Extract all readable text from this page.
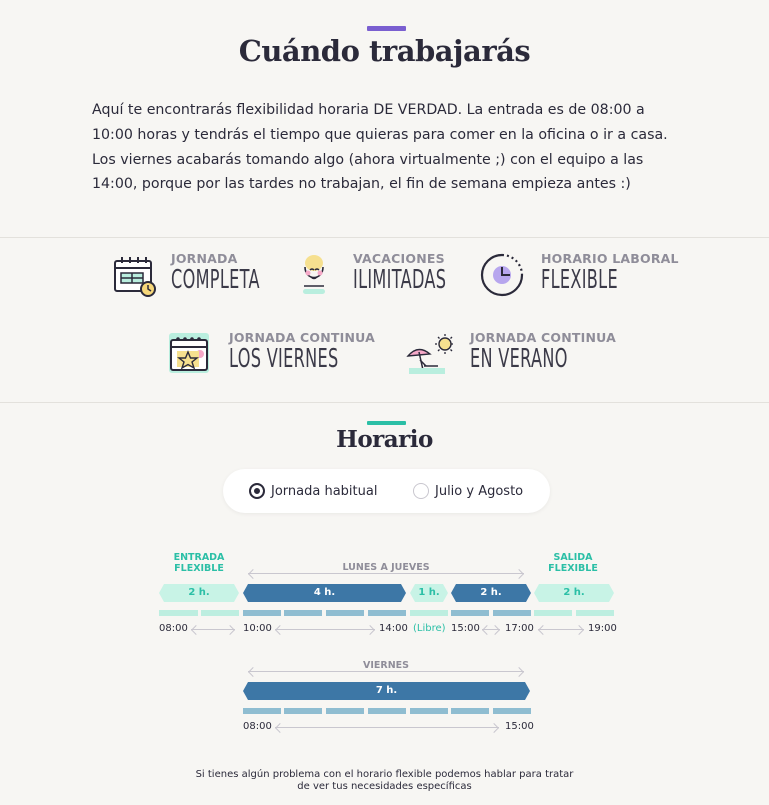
Cuándo trabajarás

Aquí te encontrarás flexibilidad horaria DE VERDAD. La entrada es de 08:00 a 10:00 horas y tendrás el tiempo que quieras para comer en la oficina o ir a casa. Los viernes acabarás tomando algo (ahora virtualmente ;) con el equipo a las 14:00, porque por las tardes no trabajan, el fin de semana empieza antes :)

JORNADA
COMPLETA
VACACIONES
ILIMITADAS
HORARIO LABORAL
FLEXIBLE
JORNADA CONTINUA
LOS VIERNES
JORNADA CONTINUA
EN VERANO
Horario
Jornada habitual	Julio y Agosto
ENTRADA
FLEXIBLE
SALIDA
FLEXIBLE
LUNES A JUEVES
2 h.	4 h.	1 h.	2 h.	2 h.
08:00	10:00	14:00 (Libre) 15:00	17:00	19:00
VIERNES
7 h.
08:00	15:00

Si tienes algún problema con el horario flexible podemos hablar para tratar
de ver tus necesidades específicas
